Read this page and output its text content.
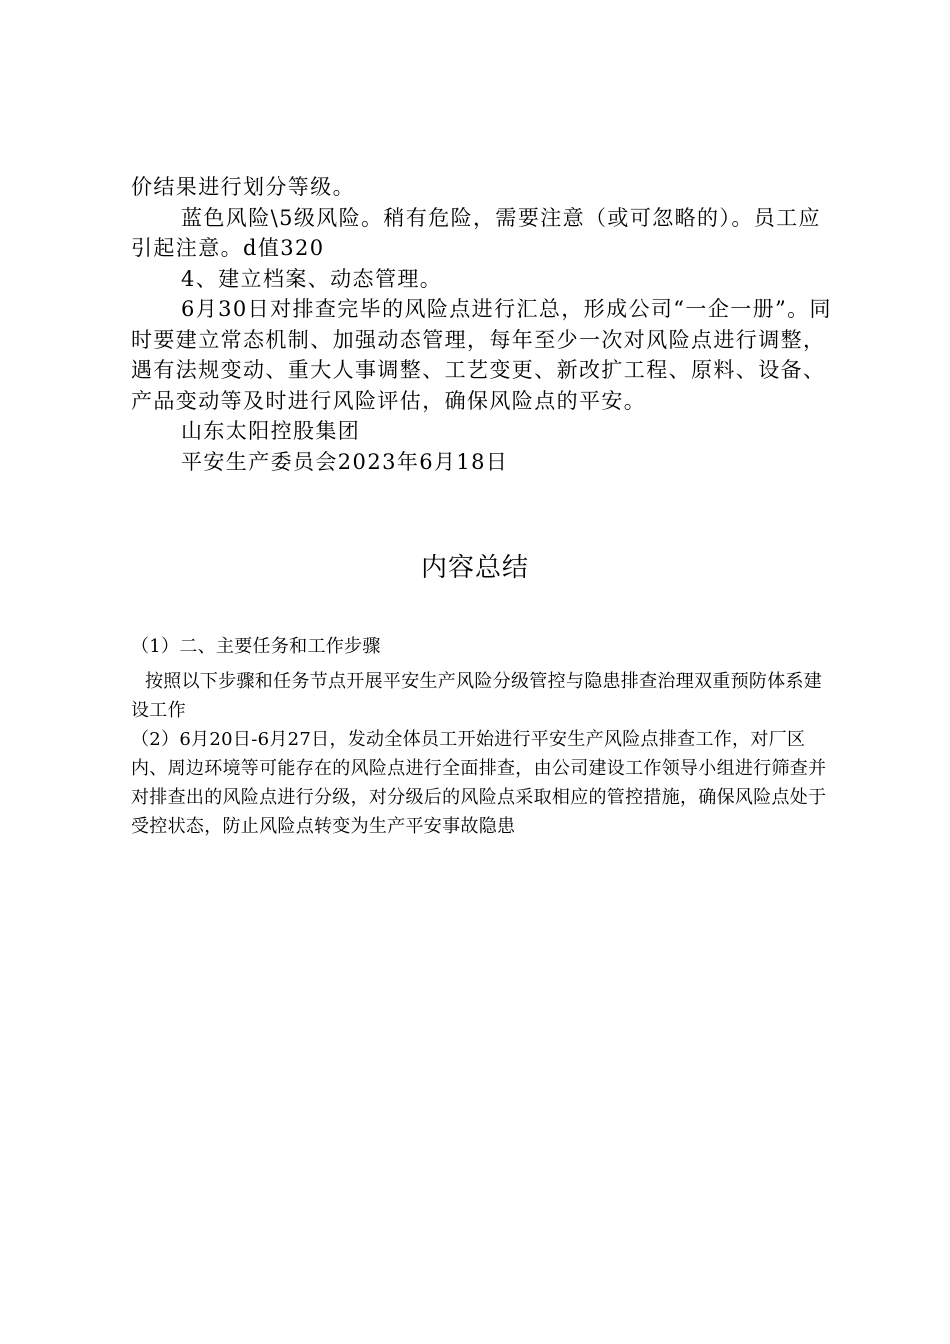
价结果进行划分等级。

蓝色风险\5级风险。稍有危险，需要注意（或可忽略的）。员工应引起注意。d值320

4、建立档案、动态管理。

6月30日对排查完毕的风险点进行汇总，形成公司“一企一册”。同时要建立常态机制、加强动态管理，每年至少一次对风险点进行调整，遇有法规变动、重大人事调整、工艺变更、新改扩工程、原料、设备、产品变动等及时进行风险评估，确保风险点的平安。

山东太阳控股集团

平安生产委员会2023年6月18日

内容总结

（1）二、主要任务和工作步骤

按照以下步骤和任务节点开展平安生产风险分级管控与隐患排查治理双重预防体系建设工作

（2）6月20日-6月27日，发动全体员工开始进行平安生产风险点排查工作，对厂区内、周边环境等可能存在的风险点进行全面排查，由公司建设工作领导小组进行筛查并对排查出的风险点进行分级，对分级后的风险点采取相应的管控措施，确保风险点处于受控状态，防止风险点转变为生产平安事故隐患
